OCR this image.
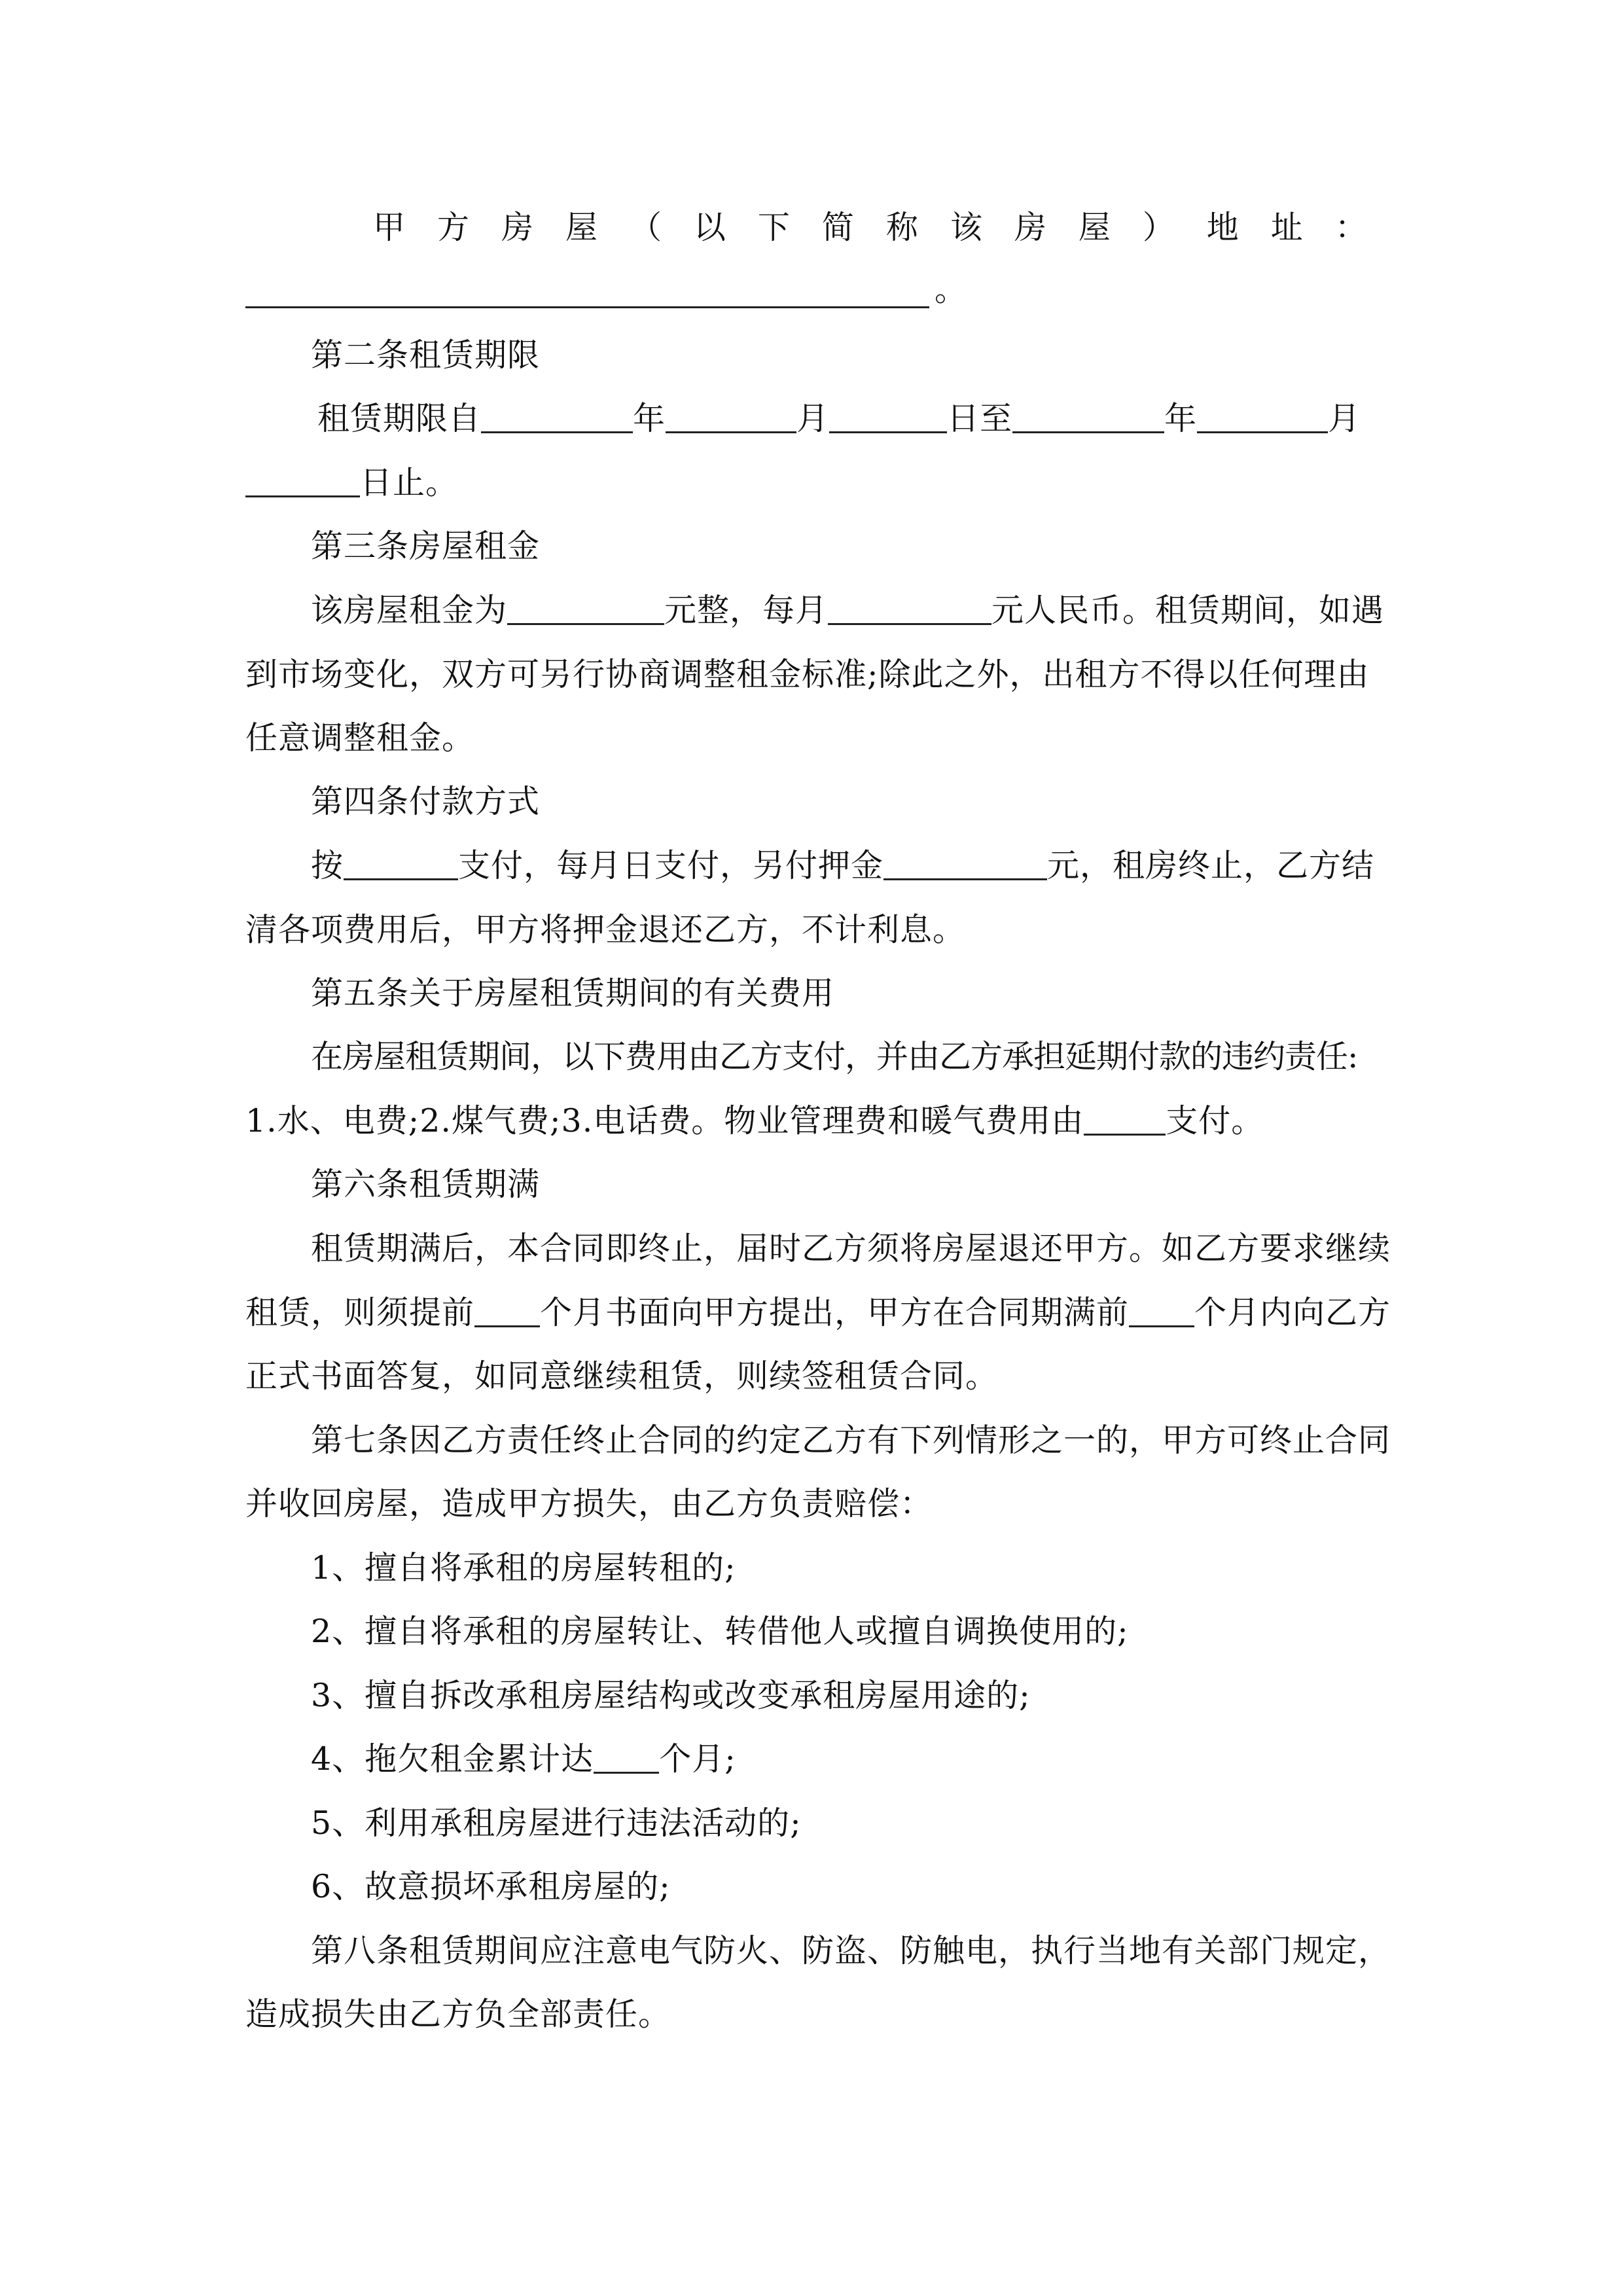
甲 方 房 屋 （ 以 下 简 称 该 房 屋 ） 地 址 ：
。
第二条租赁期限
租赁期限自	年	月	日至	年	月
日止。
第三条房屋租金
该房屋租金为	元整，每月	元人民币。租赁期间，如遇
到市场变化，双方可另行协商调整租金标准;除此之外，出租方不得以任何理由
任意调整租金。
第四条付款方式
按	支付，每月日支付，另付押金	元，租房终止，乙方结
清各项费用后，甲方将押金退还乙方，不计利息。
第五条关于房屋租赁期间的有关费用
在房屋租赁期间，以下费用由乙方支付，并由乙方承担延期付款的违约责任:
1.水、电费;2.煤气费;3.电话费。物业管理费和暖气费用由	支付。
第六条租赁期满
租赁期满后，本合同即终止，届时乙方须将房屋退还甲方。如乙方要求继续
租赁，则须提前 个月书面向甲方提出，甲方在合同期满前 个月内向乙方
正式书面答复，如同意继续租赁，则续签租赁合同。
第七条因乙方责任终止合同的约定乙方有下列情形之一的，甲方可终止合同
并收回房屋，造成甲方损失，由乙方负责赔偿：
1、擅自将承租的房屋转租的;
2、擅自将承租的房屋转让、转借他人或擅自调换使用的;
3、擅自拆改承租房屋结构或改变承租房屋用途的;
4、拖欠租金累计达 个月;
5、利用承租房屋进行违法活动的;
6、故意损坏承租房屋的;
第八条租赁期间应注意电气防火、防盗、防触电，执行当地有关部门规定，
造成损失由乙方负全部责任。
